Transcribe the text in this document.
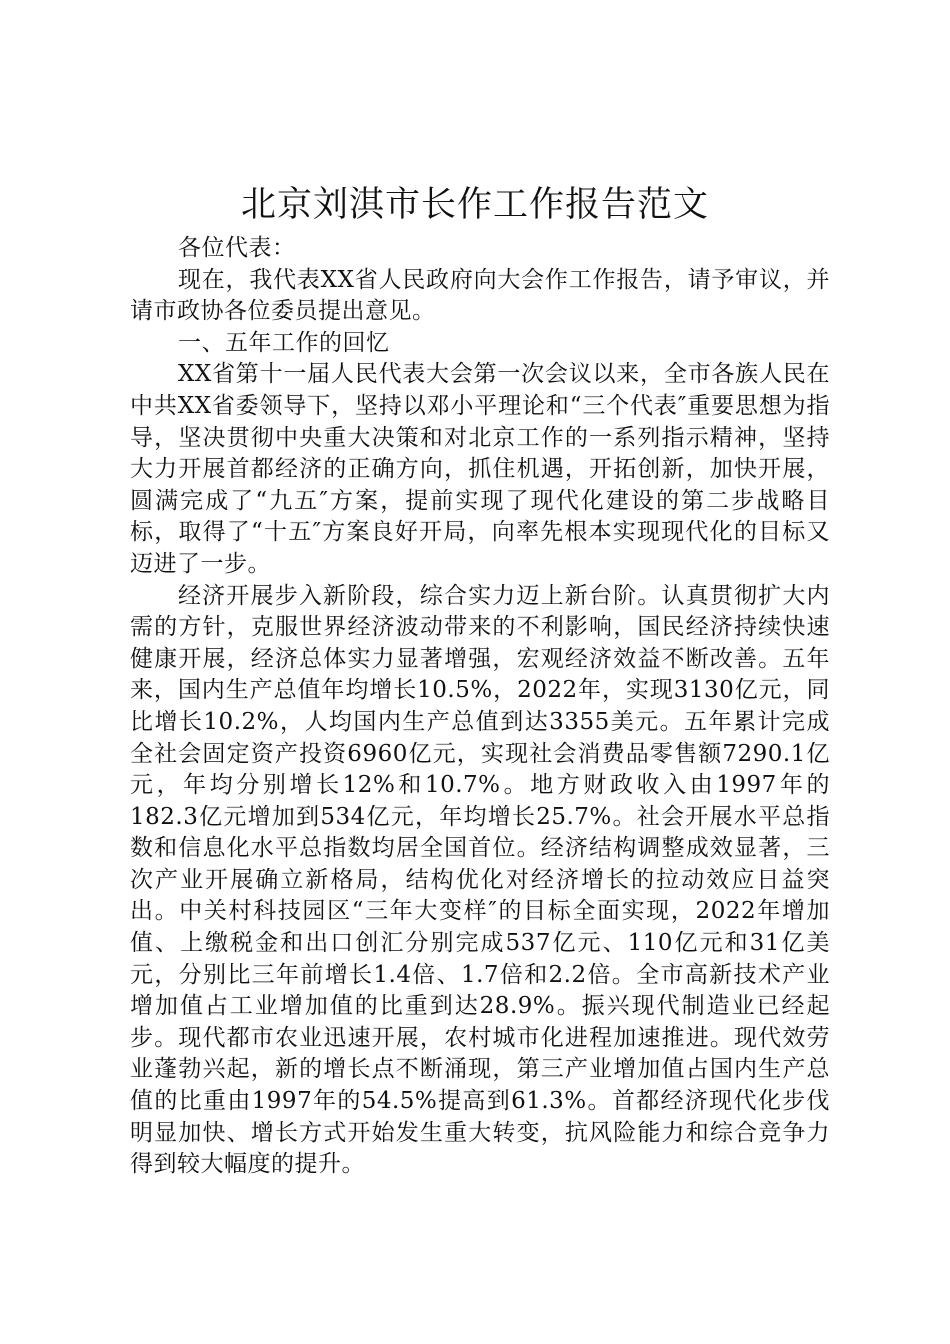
北京刘淇市长作工作报告范文

各位代表：

现在，我代表XX省人民政府向大会作工作报告，请予审议，并请市政协各位委员提出意见。

一、五年工作的回忆

XX省第十一届人民代表大会第一次会议以来，全市各族人民在中共XX省委领导下，坚持以邓小平理论和“三个代表″重要思想为指导，坚决贯彻中央重大决策和对北京工作的一系列指示精神，坚持大力开展首都经济的正确方向，抓住机遇，开拓创新，加快开展，圆满完成了“九五″方案，提前实现了现代化建设的第二步战略目标，取得了“十五″方案良好开局，向率先根本实现现代化的目标又迈进了一步。

经济开展步入新阶段，综合实力迈上新台阶。认真贯彻扩大内需的方针，克服世界经济波动带来的不利影响，国民经济持续快速健康开展，经济总体实力显著增强，宏观经济效益不断改善。五年来，国内生产总值年均增长10.5%，2022年，实现3130亿元，同比增长10.2%，人均国内生产总值到达3355美元。五年累计完成全社会固定资产投资6960亿元，实现社会消费品零售额7290.1亿元，年均分别增长12%和10.7%。地方财政收入由1997年的182.3亿元增加到534亿元，年均增长25.7%。社会开展水平总指数和信息化水平总指数均居全国首位。经济结构调整成效显著，三次产业开展确立新格局，结构优化对经济增长的拉动效应日益突出。中关村科技园区“三年大变样″的目标全面实现，2022年增加值、上缴税金和出口创汇分别完成537亿元、110亿元和31亿美元，分别比三年前增长1.4倍、1.7倍和2.2倍。全市高新技术产业增加值占工业增加值的比重到达28.9%。振兴现代制造业已经起步。现代都市农业迅速开展，农村城市化进程加速推进。现代效劳业蓬勃兴起，新的增长点不断涌现，第三产业增加值占国内生产总值的比重由1997年的54.5%提高到61.3%。首都经济现代化步伐明显加快、增长方式开始发生重大转变，抗风险能力和综合竞争力得到较大幅度的提升。
